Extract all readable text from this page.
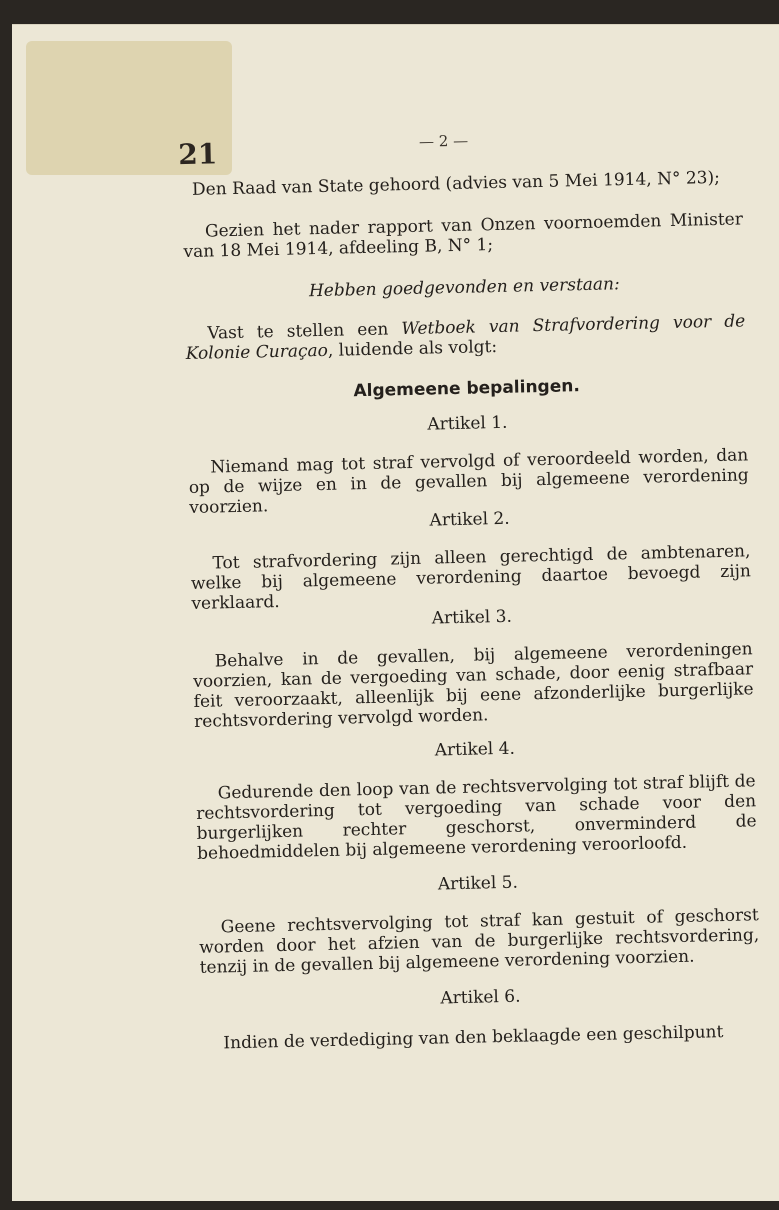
21	— 2 —
Den Raad van State gehoord (advies van 5 Mei 1914, N° 23);
Gezien het nader rapport van Onzen voornoemden Minister van 18 Mei 1914, afdeeling B, N° 1;
Hebben goedgevonden en verstaan:
Vast te stellen een Wetboek van Strafvordering voor de Kolonie Curaçao, luidende als volgt:
Algemeene bepalingen.
Artikel 1.
Niemand mag tot straf vervolgd of veroordeeld worden, dan op de wijze en in de gevallen bij algemeene verordening voorzien.
Artikel 2.
Tot strafvordering zijn alleen gerechtigd de ambtenaren, welke bij algemeene verordening daartoe bevoegd zijn verklaard.
Artikel 3.
Behalve in de gevallen, bij algemeene verordeningen voorzien, kan de vergoeding van schade, door eenig strafbaar feit veroorzaakt, alleenlijk bij eene afzonderlijke burgerlijke rechtsvordering vervolgd worden.
Artikel 4.
Gedurende den loop van de rechtsvervolging tot straf blijft de rechtsvordering tot vergoeding van schade voor den burgerlijken rechter geschorst, onverminderd de behoedmiddelen bij algemeene verordening veroorloofd.
Artikel 5.
Geene rechtsvervolging tot straf kan gestuit of geschorst worden door het afzien van de burgerlijke rechtsvordering, tenzij in de gevallen bij algemeene verordening voorzien.
Artikel 6.
Indien de verdediging van den beklaagde een geschilpunt
